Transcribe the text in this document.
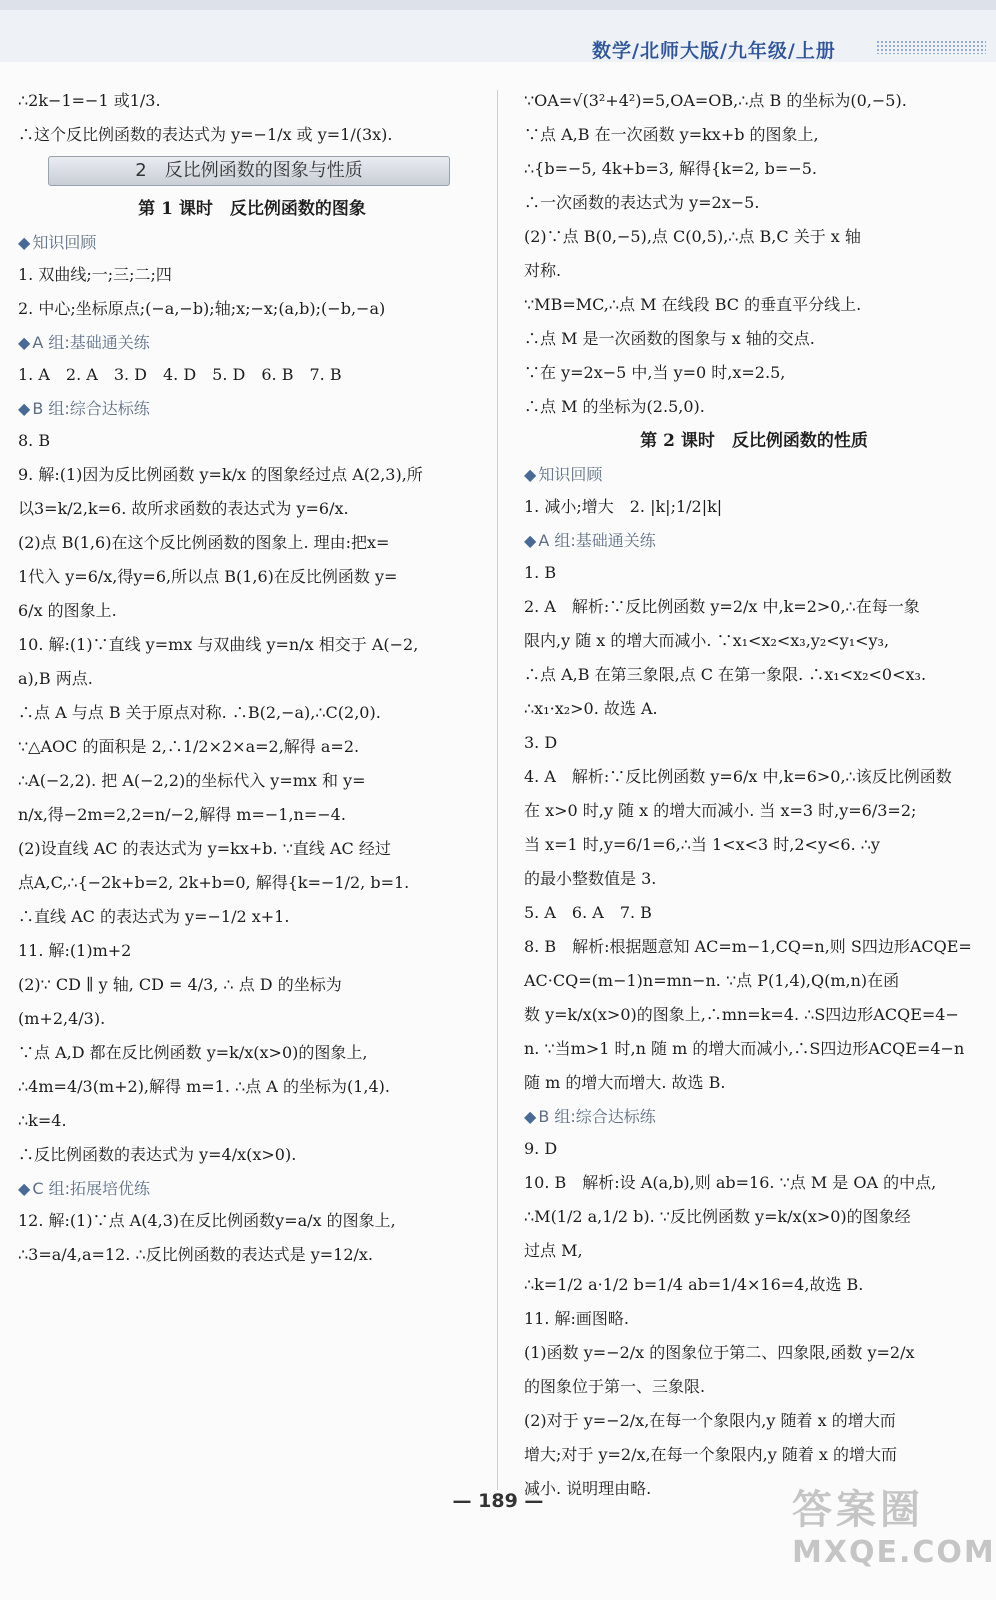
数学/北师大版/九年级/上册

∴2k−1=−1 或1/3.

∴这个反比例函数的表达式为 y=−1/x 或 y=1/(3x).

2　反比例函数的图象与性质

第 1 课时　反比例函数的图象

◆ 知识回顾

1. 双曲线;一;三;二;四

2. 中心;坐标原点;(−a,−b);轴;x;−x;(a,b);(−b,−a)

◆ A 组:基础通关练

1. A　2. A　3. D　4. D　5. D　6. B　7. B

◆ B 组:综合达标练

8. B

9. 解:(1)因为反比例函数 y=k/x 的图象经过点 A(2,3),所

以3=k/2,k=6. 故所求函数的表达式为 y=6/x.

(2)点 B(1,6)在这个反比例函数的图象上. 理由:把x=

1代入 y=6/x,得y=6,所以点 B(1,6)在反比例函数 y=

6/x 的图象上.

10. 解:(1)∵直线 y=mx 与双曲线 y=n/x 相交于 A(−2,

a),B 两点.

∴点 A 与点 B 关于原点对称. ∴B(2,−a),∴C(2,0).

∵△AOC 的面积是 2,∴1/2×2×a=2,解得 a=2.

∴A(−2,2). 把 A(−2,2)的坐标代入 y=mx 和 y=

n/x,得−2m=2,2=n/−2,解得 m=−1,n=−4.

(2)设直线 AC 的表达式为 y=kx+b. ∵直线 AC 经过

点A,C,∴{−2k+b=2, 2k+b=0, 解得{k=−1/2, b=1.

∴直线 AC 的表达式为 y=−1/2 x+1.

11. 解:(1)m+2

(2)∵ CD ∥ y 轴, CD = 4/3, ∴ 点 D 的坐标为

(m+2,4/3).

∵点 A,D 都在反比例函数 y=k/x(x>0)的图象上,

∴4m=4/3(m+2),解得 m=1. ∴点 A 的坐标为(1,4).

∴k=4.

∴反比例函数的表达式为 y=4/x(x>0).

◆ C 组:拓展培优练

12. 解:(1)∵点 A(4,3)在反比例函数y=a/x 的图象上,

∴3=a/4,a=12. ∴反比例函数的表达式是 y=12/x.

∵OA=√(3²+4²)=5,OA=OB,∴点 B 的坐标为(0,−5).

∵点 A,B 在一次函数 y=kx+b 的图象上,

∴{b=−5, 4k+b=3, 解得{k=2, b=−5.

∴一次函数的表达式为 y=2x−5.

(2)∵点 B(0,−5),点 C(0,5),∴点 B,C 关于 x 轴

对称.

∵MB=MC,∴点 M 在线段 BC 的垂直平分线上.

∴点 M 是一次函数的图象与 x 轴的交点.

∵在 y=2x−5 中,当 y=0 时,x=2.5,

∴点 M 的坐标为(2.5,0).

第 2 课时　反比例函数的性质

◆ 知识回顾

1. 减小;增大　2. |k|;1/2|k|

◆ A 组:基础通关练

1. B

2. A　解析:∵反比例函数 y=2/x 中,k=2>0,∴在每一象

限内,y 随 x 的增大而减小. ∵x₁<x₂<x₃,y₂<y₁<y₃,

∴点 A,B 在第三象限,点 C 在第一象限. ∴x₁<x₂<0<x₃.

∴x₁·x₂>0. 故选 A.

3. D

4. A　解析:∵反比例函数 y=6/x 中,k=6>0,∴该反比例函数

在 x>0 时,y 随 x 的增大而减小. 当 x=3 时,y=6/3=2;

当 x=1 时,y=6/1=6,∴当 1<x<3 时,2<y<6. ∴y

的最小整数值是 3.

5. A　6. A　7. B

8. B　解析:根据题意知 AC=m−1,CQ=n,则 S四边形ACQE=

AC·CQ=(m−1)n=mn−n. ∵点 P(1,4),Q(m,n)在函

数 y=k/x(x>0)的图象上,∴mn=k=4. ∴S四边形ACQE=4−

n. ∵当m>1 时,n 随 m 的增大而减小,∴S四边形ACQE=4−n

随 m 的增大而增大. 故选 B.

◆ B 组:综合达标练

9. D

10. B　解析:设 A(a,b),则 ab=16. ∵点 M 是 OA 的中点,

∴M(1/2 a,1/2 b). ∵反比例函数 y=k/x(x>0)的图象经

过点 M,

∴k=1/2 a·1/2 b=1/4 ab=1/4×16=4,故选 B.

11. 解:画图略.

(1)函数 y=−2/x 的图象位于第二、四象限,函数 y=2/x

的图象位于第一、三象限.

(2)对于 y=−2/x,在每一个象限内,y 随着 x 的增大而

增大;对于 y=2/x,在每一个象限内,y 随着 x 的增大而

减小. 说明理由略.

— 189 —	答案圈
MXQE.COM
